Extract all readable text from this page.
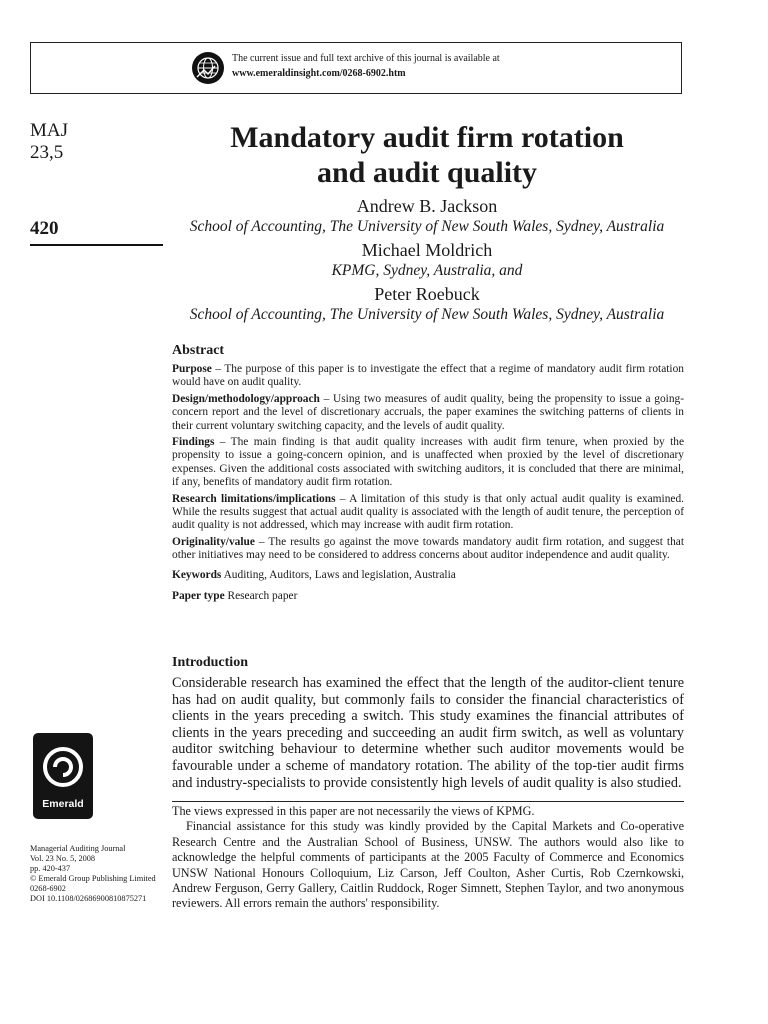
The current issue and full text archive of this journal is available at
www.emeraldinsight.com/0268-6902.htm
MAJ
23,5
420
Mandatory audit firm rotation
and audit quality
Andrew B. Jackson
School of Accounting, The University of New South Wales, Sydney, Australia
Michael Moldrich
KPMG, Sydney, Australia, and
Peter Roebuck
School of Accounting, The University of New South Wales, Sydney, Australia
Abstract

Purpose – The purpose of this paper is to investigate the effect that a regime of mandatory audit firm rotation would have on audit quality.

Design/methodology/approach – Using two measures of audit quality, being the propensity to issue a going-concern report and the level of discretionary accruals, the paper examines the switching patterns of clients in their current voluntary switching capacity, and the levels of audit quality.

Findings – The main finding is that audit quality increases with audit firm tenure, when proxied by the propensity to issue a going-concern opinion, and is unaffected when proxied by the level of discretionary expenses. Given the additional costs associated with switching auditors, it is concluded that there are minimal, if any, benefits of mandatory audit firm rotation.

Research limitations/implications – A limitation of this study is that only actual audit quality is examined. While the results suggest that actual audit quality is associated with the length of audit tenure, the perception of audit quality is not addressed, which may increase with audit firm rotation.

Originality/value – The results go against the move towards mandatory audit firm rotation, and suggest that other initiatives may need to be considered to address concerns about auditor independence and audit quality.

Keywords Auditing, Auditors, Laws and legislation, Australia

Paper type Research paper

Introduction

Considerable research has examined the effect that the length of the auditor-client tenure has had on audit quality, but commonly fails to consider the financial characteristics of clients in the years preceding a switch. This study examines the financial attributes of clients in the years preceding and succeeding an audit firm switch, as well as voluntary auditor switching behaviour to determine whether such auditor movements would be favourable under a scheme of mandatory rotation. The ability of the top-tier audit firms and industry-specialists to provide consistently high levels of audit quality is also studied.

The views expressed in this paper are not necessarily the views of KPMG.

Financial assistance for this study was kindly provided by the Capital Markets and Co-operative Research Centre and the Australian School of Business, UNSW. The authors would also like to acknowledge the helpful comments of participants at the 2005 Faculty of Commerce and Economics UNSW National Honours Colloquium, Liz Carson, Jeff Coulton, Asher Curtis, Rob Czernkowski, Andrew Ferguson, Gerry Gallery, Caitlin Ruddock, Roger Simnett, Stephen Taylor, and two anonymous reviewers. All errors remain the authors' responsibility.

Emerald
Managerial Auditing Journal
Vol. 23 No. 5, 2008
pp. 420-437
© Emerald Group Publishing Limited
0268-6902
DOI 10.1108/02686900810875271
